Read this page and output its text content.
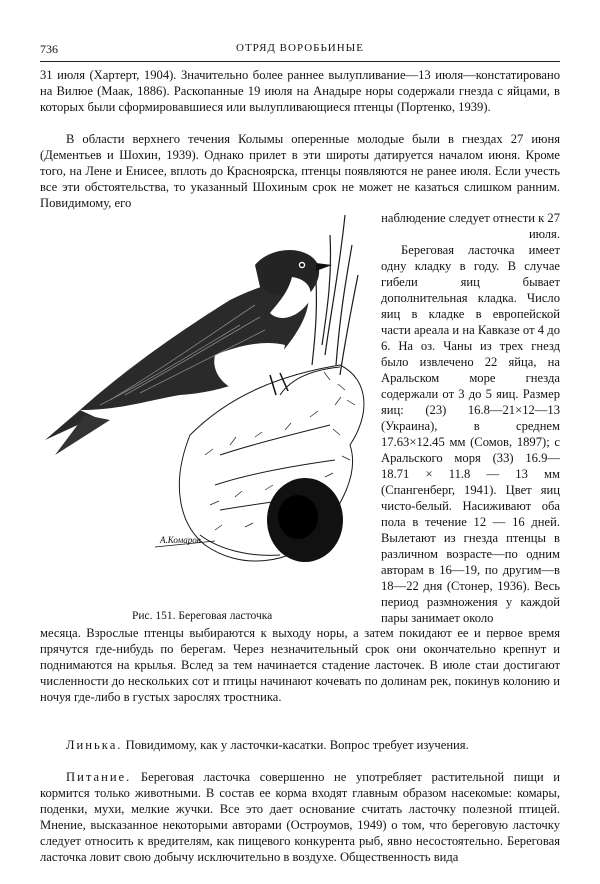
736	ОТРЯД ВОРОБЬИНЫЕ

31 июля (Хартерт, 1904). Значительно более раннее вылупливание—13 июля—констатировано на Вилюе (Маак, 1886). Раскопанные 19 июля на Анадыре норы содержали гнезда с яйцами, в которых были сформировавшиеся или вылупливающиеся птенцы (Портенко, 1939).

В области верхнего течения Колымы оперенные молодые были в гнездах 27 июня (Дементьев и Шохин, 1939). Однако прилет в эти широты датируется началом июня. Кроме того, на Лене и Енисее, вплоть до Красноярска, птенцы появляются не ранее июля. Если учесть все эти обстоятельства, то указанный Шохиным срок не может не казаться слишком ранним. Повидимому, его

наблюдение следует отнести к 27 июля.

А.Комаров
Рис. 151. Береговая ласточка

Береговая ласточка имеет одну кладку в году. В случае гибели яиц бывает дополнительная кладка. Число яиц в кладке в европейской части ареала и на Кавказе от 4 до 6. На оз. Чаны из трех гнезд было извлечено 22 яйца, на Аральском море гнезда содержали от 3 до 5 яиц. Размер яиц: (23) 16.8—21×12—13 (Украина), в среднем 17.63×12.45 мм (Сомов, 1897); с Аральского моря (33) 16.9—18.71 × 11.8 — 13 мм (Спангенберг, 1941). Цвет яиц чисто-белый. Насиживают оба пола в течение 12 — 16 дней. Вылетают из гнезда птенцы в различном возрасте—по одним авторам в 16—19, по другим—в 18—22 дня (Стонер, 1936). Весь период размножения у каждой пары занимает около

месяца. Взрослые птенцы выбираются к выходу норы, а затем покидают ее и первое время прячутся где-нибудь по берегам. Через незначительный срок они окончательно крепнут и поднимаются на крылья. Вслед за тем начинается стадение ласточек. В июле стаи достигают численности до нескольких сот и птицы начинают кочевать по долинам рек, покинув колонию и ночуя где-либо в густых зарослях тростника.

Линька. Повидимому, как у ласточки-касатки. Вопрос требует изучения.

Питание. Береговая ласточка совершенно не употребляет растительной пищи и кормится только животными. В состав ее корма входят главным образом насекомые: комары, поденки, мухи, мелкие жучки. Все это дает основание считать ласточку полезной птицей. Мнение, высказанное некоторыми авторами (Остроумов, 1949) о том, что береговую ласточку следует относить к вредителям, как пищевого конкурента рыб, явно несостоятельно. Береговая ласточка ловит свою добычу исключительно в воздухе. Общественность вида
